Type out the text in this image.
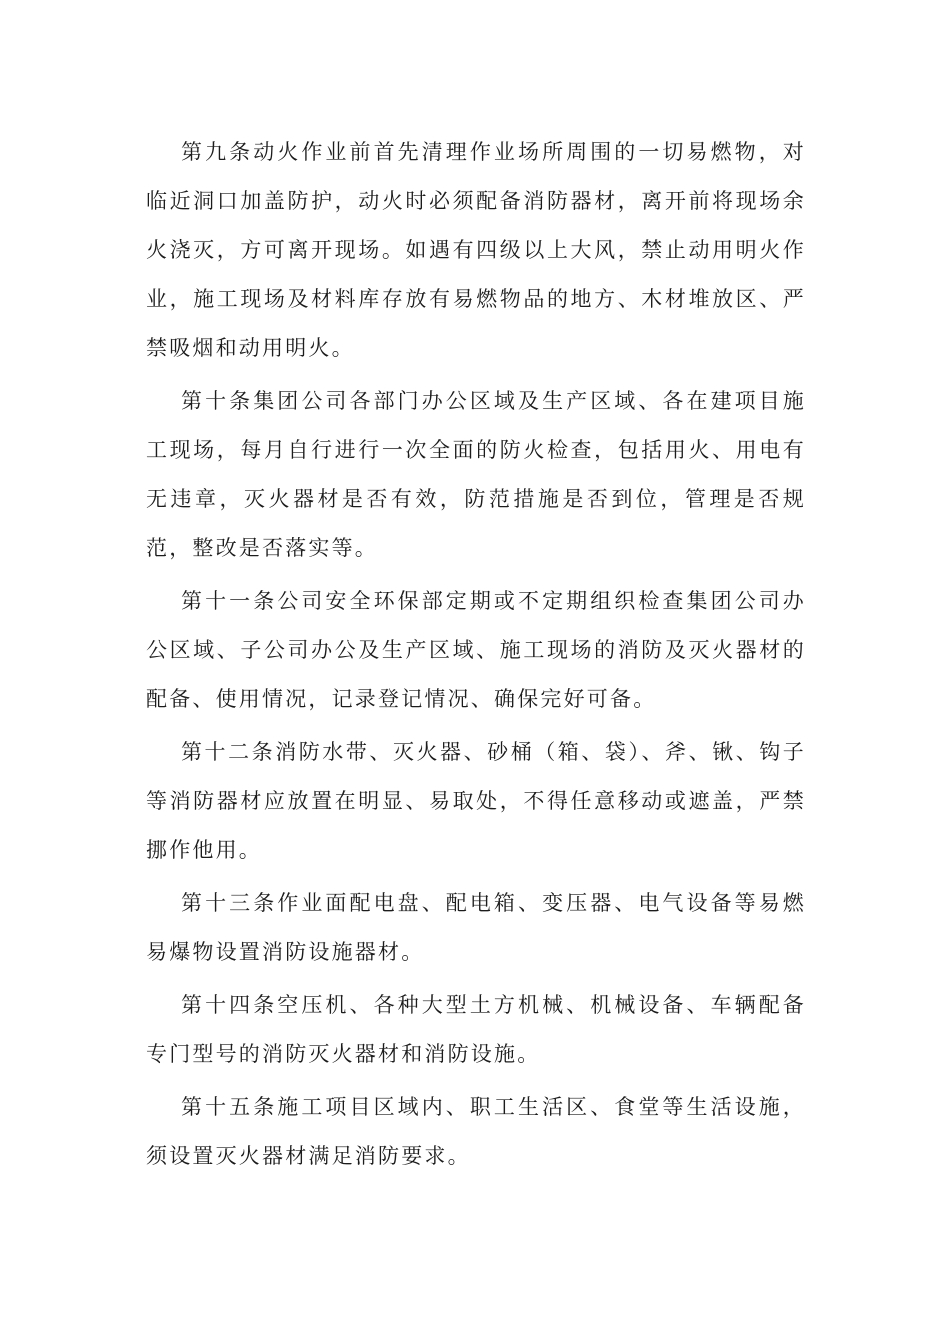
第九条动火作业前首先清理作业场所周围的一切易燃物，对临近洞口加盖防护，动火时必须配备消防器材，离开前将现场余火浇灭，方可离开现场。如遇有四级以上大风，禁止动用明火作业，施工现场及材料库存放有易燃物品的地方、木材堆放区、严禁吸烟和动用明火。

第十条集团公司各部门办公区域及生产区域、各在建项目施工现场，每月自行进行一次全面的防火检查，包括用火、用电有无违章，灭火器材是否有效，防范措施是否到位，管理是否规范，整改是否落实等。

第十一条公司安全环保部定期或不定期组织检查集团公司办公区域、子公司办公及生产区域、施工现场的消防及灭火器材的配备、使用情况，记录登记情况、确保完好可备。

第十二条消防水带、灭火器、砂桶（箱、袋）、斧、锹、钩子等消防器材应放置在明显、易取处，不得任意移动或遮盖，严禁挪作他用。

第十三条作业面配电盘、配电箱、变压器、电气设备等易燃易爆物设置消防设施器材。

第十四条空压机、各种大型土方机械、机械设备、车辆配备专门型号的消防灭火器材和消防设施。

第十五条施工项目区域内、职工生活区、食堂等生活设施，须设置灭火器材满足消防要求。
